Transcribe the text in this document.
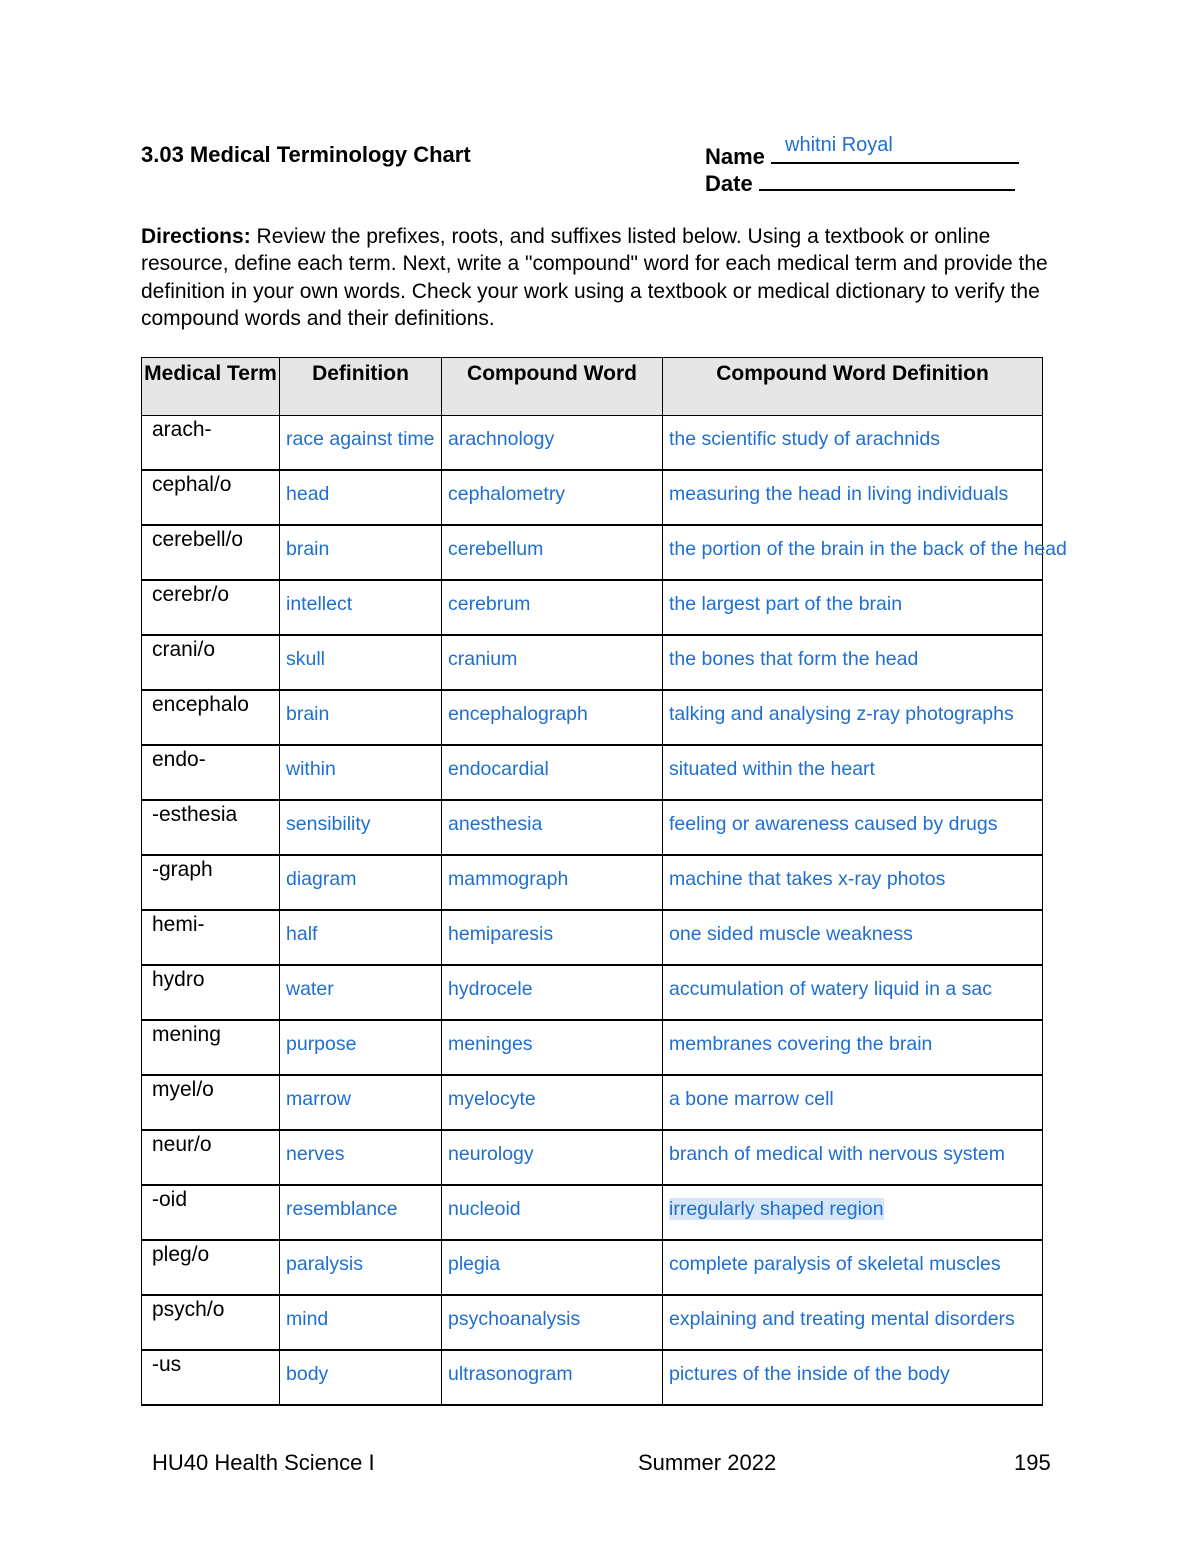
3.03 Medical Terminology Chart	Name	whitni Royal
Date
Directions: Review the prefixes, roots, and suffixes listed below. Using a textbook or online resource, define each term. Next, write a "compound" word for each medical term and provide the definition in your own words. Check your work using a textbook or medical dictionary to verify the compound words and their definitions.
Medical Term	Definition	Compound Word	Compound Word Definition
arach-	race against time	arachnology	the scientific study of arachnids
cephal/o	head	cephalometry	measuring the head in living individuals
cerebell/o	brain	cerebellum	the portion of the brain in the back of the head
cerebr/o	intellect	cerebrum	the largest part of the brain
crani/o	skull	cranium	the bones that form the head
encephalo	brain	encephalograph	talking and analysing z-ray photographs
endo-	within	endocardial	situated within the heart
-esthesia	sensibility	anesthesia	feeling or awareness caused by drugs
-graph	diagram	mammograph	machine that takes x-ray photos
hemi-	half	hemiparesis	one sided muscle weakness
hydro	water	hydrocele	accumulation of watery liquid in a sac
mening	purpose	meninges	membranes covering the brain
myel/o	marrow	myelocyte	a bone marrow cell
neur/o	nerves	neurology	branch of medical with nervous system
-oid	resemblance	nucleoid	irregularly shaped region
pleg/o	paralysis	plegia	complete paralysis of skeletal muscles
psych/o	mind	psychoanalysis	explaining and treating mental disorders
-us	body	ultrasonogram	pictures of the inside of the body
HU40 Health Science I	Summer 2022	195
